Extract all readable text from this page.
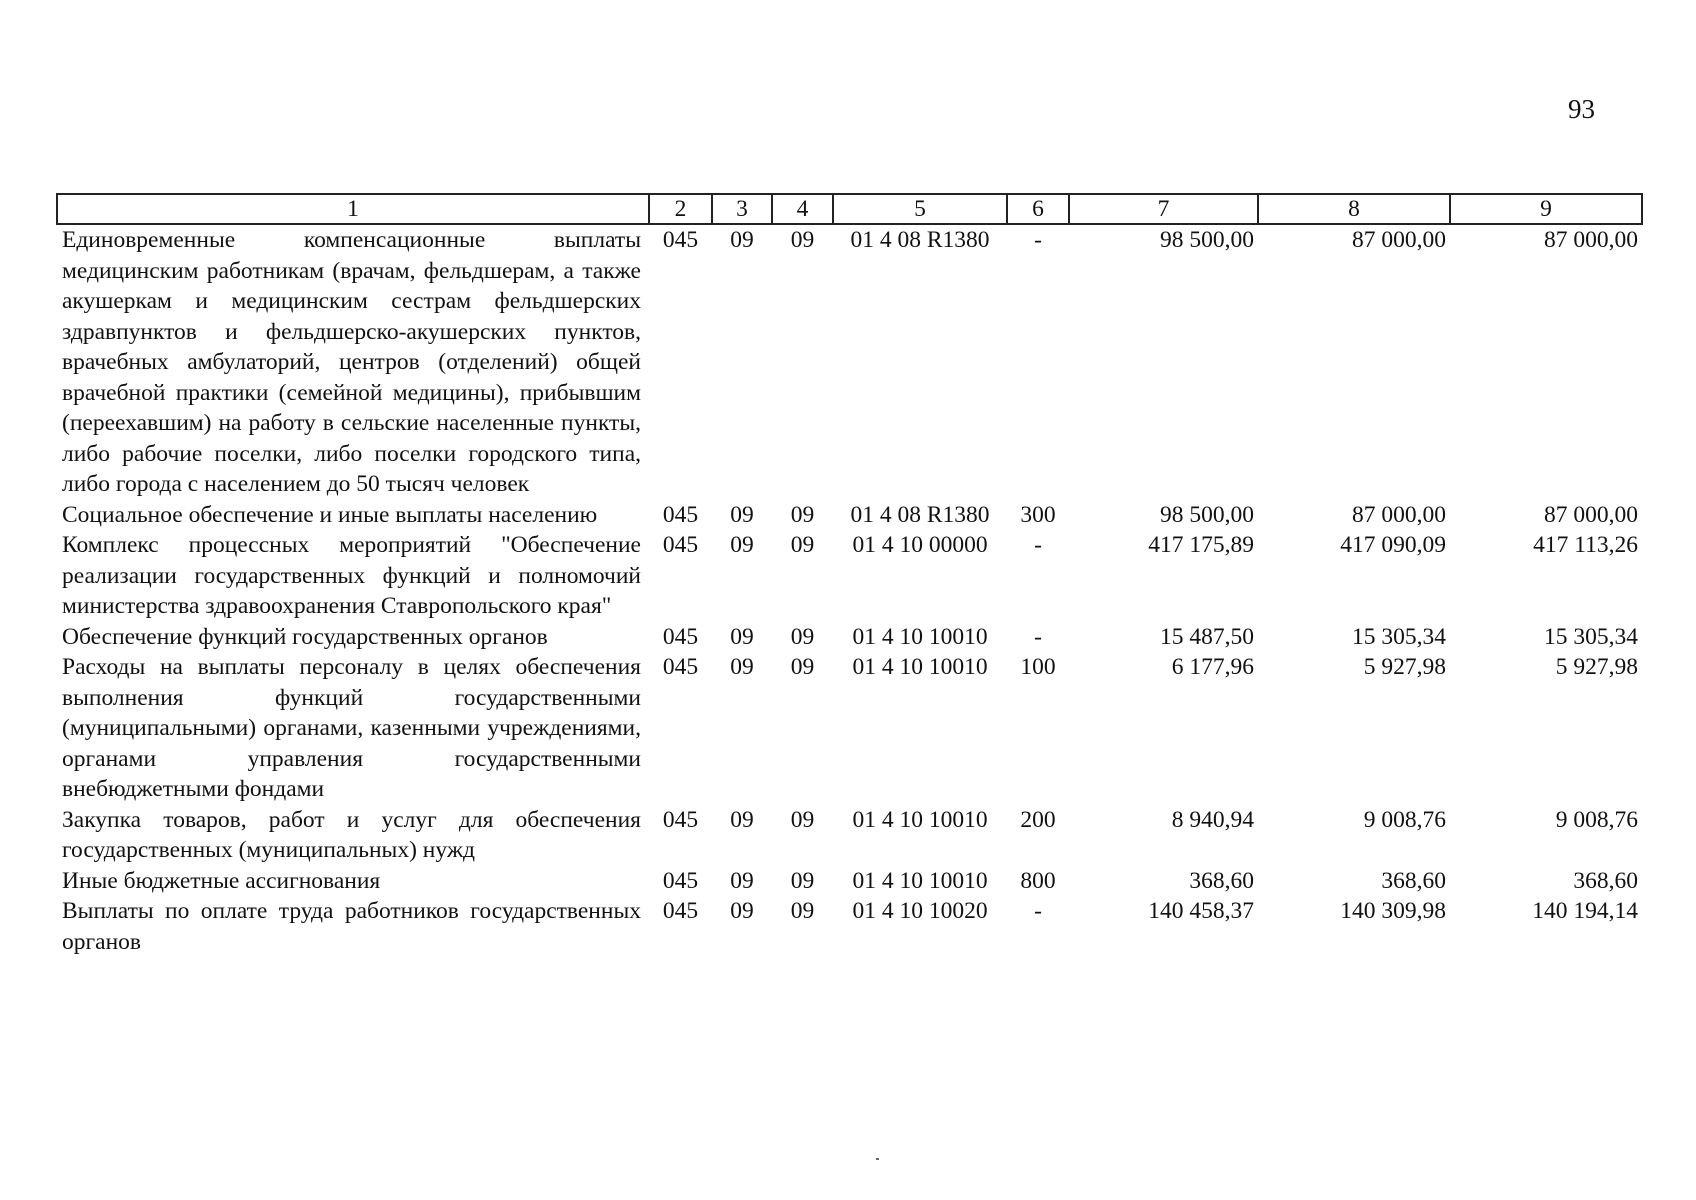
93
1	2	3	4	5	6	7	8	9
Единовременные компенсационные выплаты медицинским работникам (врачам, фельдшерам, а также акушеркам и медицинским сестрам фельдшерских здравпунктов и фельдшерско-акушерских пунктов, врачебных амбулаторий, центров (отделений) общей врачебной практики (семейной медицины), прибывшим (переехавшим) на работу в сельские населенные пункты, либо рабочие поселки, либо поселки городского типа, либо города с населением до 50 тысяч человек	045	09	09	01 4 08 R1380	-	98 500,00	87 000,00	87 000,00
Социальное обеспечение и иные выплаты населению	045	09	09	01 4 08 R1380	300	98 500,00	87 000,00	87 000,00
Комплекс процессных мероприятий "Обеспечение реализации государственных функций и полномочий министерства здравоохранения Ставропольского края"	045	09	09	01 4 10 00000	-	417 175,89	417 090,09	417 113,26
Обеспечение функций государственных органов	045	09	09	01 4 10 10010	-	15 487,50	15 305,34	15 305,34
Расходы на выплаты персоналу в целях обеспечения выполнения функций государственными (муниципальными) органами, казенными учреждениями, органами управления государственными внебюджетными фондами	045	09	09	01 4 10 10010	100	6 177,96	5 927,98	5 927,98
Закупка товаров, работ и услуг для обеспечения государственных (муниципальных) нужд	045	09	09	01 4 10 10010	200	8 940,94	9 008,76	9 008,76
Иные бюджетные ассигнования	045	09	09	01 4 10 10010	800	368,60	368,60	368,60
Выплаты по оплате труда работников государственных органов	045	09	09	01 4 10 10020	-	140 458,37	140 309,98	140 194,14
